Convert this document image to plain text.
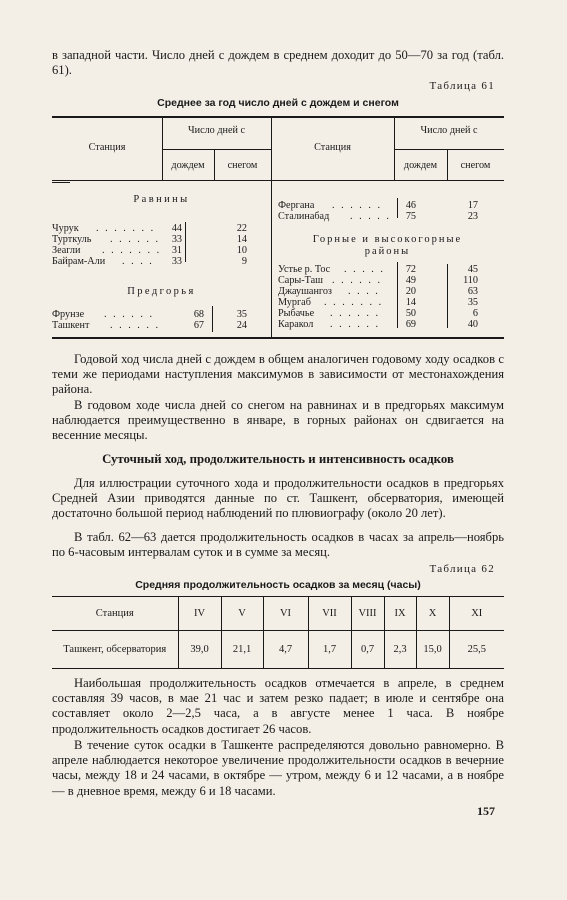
в западной части. Число дней с дождем в среднем доходит до 50—70 за год (табл. 61).

Таблица 61
Среднее за год число дней с дождем и снегом
Станция
Число дней с
дождем	снегом
Станция
Число дней с
дождем	снегом
Равнины
Чурук . . . . . . .	44	22
Турткуль . . . . . .	33	14
Зеагли . . . . . . .	31	10
Байрам-Али . . . .	33	9
Предгорья
Фрунзе . . . . . .	68	35
Ташкент . . . . . .	67	24
Фергана . . . . . .	46	17
Сталинабад . . . . .	75	23
Горные и высокогорные
районы
Устье р. Тос . . . . .	72	45
Сары-Таш . . . . . .	49	110
Джаушангоз . . . .	20	63
Мургаб . . . . . . .	14	35
Рыбачье . . . . . .	50	6
Каракол . . . . . .	69	40

Годовой ход числа дней с дождем в общем аналогичен годовому ходу осадков с теми же периодами наступления максимумов в зависимости от местонахождения района.

В годовом ходе числа дней со снегом на равнинах и в предгорьях максимум наблюдается преимущественно в январе, в горных районах он сдвигается на весенние месяцы.

Суточный ход, продолжительность и интенсивность осадков

Для иллюстрации суточного хода и продолжительности осадков в предгорьях Средней Азии приводятся данные по ст. Ташкент, обсерватория, имеющей достаточно большой период наблюдений по плювиографу (около 20 лет).

В табл. 62—63 дается продолжительность осадков в часах за апрель—ноябрь по 6-часовым интервалам суток и в сумме за месяц.

Таблица 62
Средняя продолжительность осадков за месяц (часы)
Станция	IV	V	VI	VII	VIII	IX	X	XI
Ташкент, обсерватория	39,0	21,1	4,7	1,7	0,7	2,3	15,0	25,5

Наибольшая продолжительность осадков отмечается в апреле, в среднем составляя 39 часов, в мае 21 час и затем резко падает; в июле и сентябре она составляет около 2—2,5 часа, а в августе менее 1 часа. В ноябре продолжительность осадков достигает 26 часов.

В течение суток осадки в Ташкенте распределяются довольно равномерно. В апреле наблюдается некоторое увеличение продолжительности осадков в вечерние часы, между 18 и 24 часами, в октябре — утром, между 6 и 12 часами, а в ноябре — в дневное время, между 6 и 18 часами.

157
